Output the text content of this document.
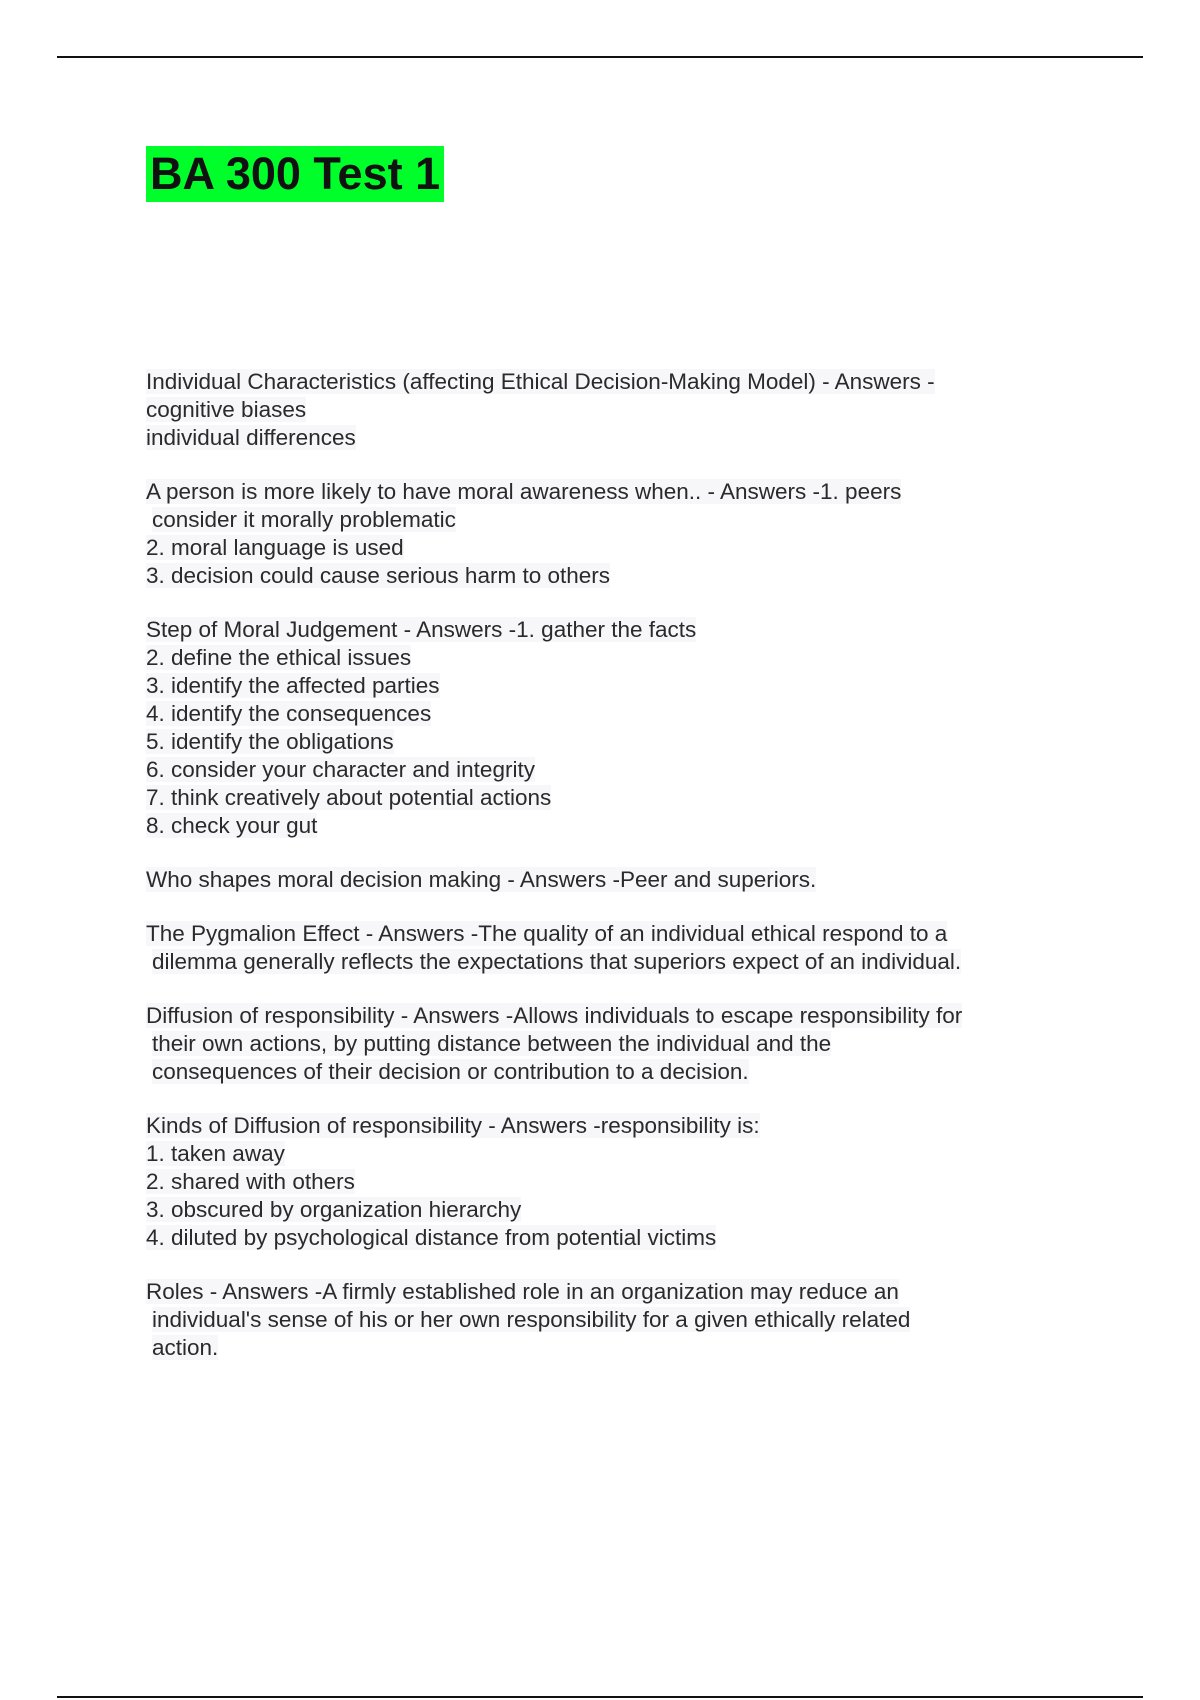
BA 300 Test 1
Individual Characteristics (affecting Ethical Decision-Making Model) - Answers -
cognitive biases
individual differences
A person is more likely to have moral awareness when.. - Answers -1. peers
consider it morally problematic
2. moral language is used
3. decision could cause serious harm to others
Step of Moral Judgement - Answers -1. gather the facts
2. define the ethical issues
3. identify the affected parties
4. identify the consequences
5. identify the obligations
6. consider your character and integrity
7. think creatively about potential actions
8. check your gut
Who shapes moral decision making - Answers -Peer and superiors.
The Pygmalion Effect - Answers -The quality of an individual ethical respond to a
dilemma generally reflects the expectations that superiors expect of an individual.
Diffusion of responsibility - Answers -Allows individuals to escape responsibility for
their own actions, by putting distance between the individual and the
consequences of their decision or contribution to a decision.
Kinds of Diffusion of responsibility - Answers -responsibility is:
1. taken away
2. shared with others
3. obscured by organization hierarchy
4. diluted by psychological distance from potential victims
Roles - Answers -A firmly established role in an organization may reduce an
individual's sense of his or her own responsibility for a given ethically related
action.
